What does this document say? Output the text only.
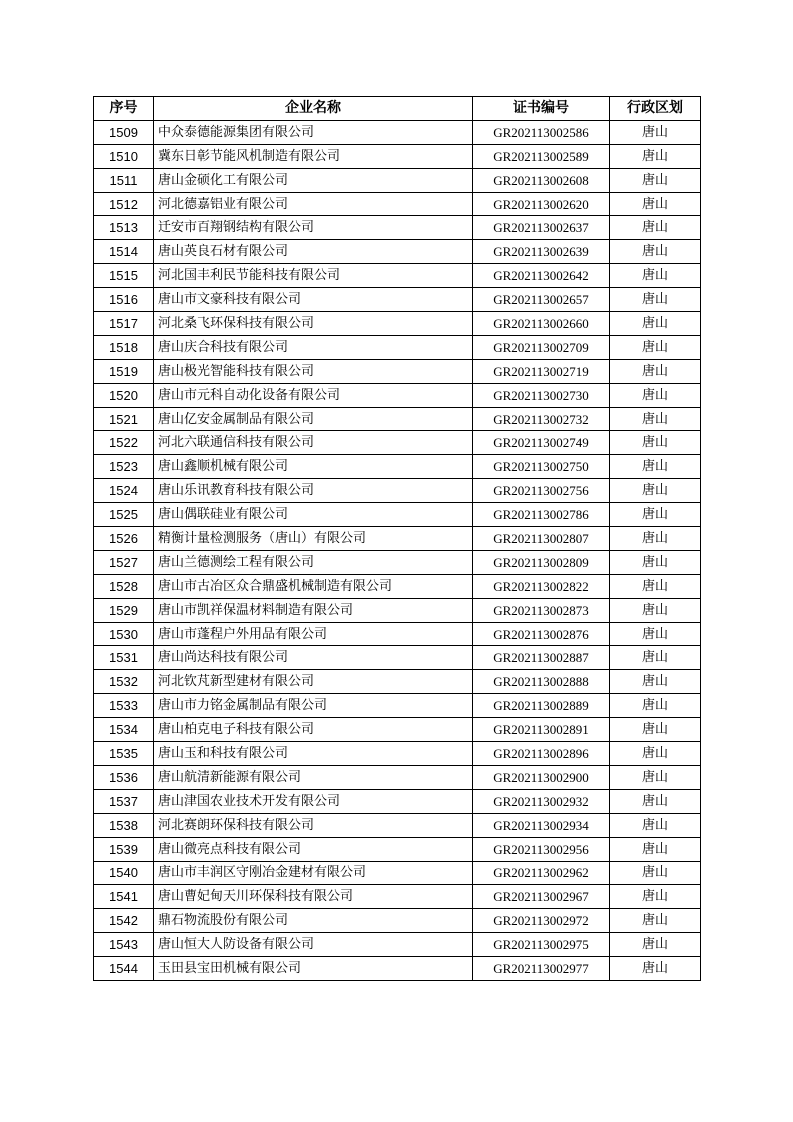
序号	企业名称	证书编号	行政区划
1509	中众泰德能源集团有限公司	GR202113002586	唐山
1510	冀东日彰节能风机制造有限公司	GR202113002589	唐山
1511	唐山金硕化工有限公司	GR202113002608	唐山
1512	河北德嘉铝业有限公司	GR202113002620	唐山
1513	迁安市百翔钢结构有限公司	GR202113002637	唐山
1514	唐山英良石材有限公司	GR202113002639	唐山
1515	河北国丰利民节能科技有限公司	GR202113002642	唐山
1516	唐山市文豪科技有限公司	GR202113002657	唐山
1517	河北桑飞环保科技有限公司	GR202113002660	唐山
1518	唐山庆合科技有限公司	GR202113002709	唐山
1519	唐山极光智能科技有限公司	GR202113002719	唐山
1520	唐山市元科自动化设备有限公司	GR202113002730	唐山
1521	唐山亿安金属制品有限公司	GR202113002732	唐山
1522	河北六联通信科技有限公司	GR202113002749	唐山
1523	唐山鑫顺机械有限公司	GR202113002750	唐山
1524	唐山乐讯教育科技有限公司	GR202113002756	唐山
1525	唐山偶联硅业有限公司	GR202113002786	唐山
1526	精衡计量检测服务（唐山）有限公司	GR202113002807	唐山
1527	唐山兰德测绘工程有限公司	GR202113002809	唐山
1528	唐山市古冶区众合鼎盛机械制造有限公司	GR202113002822	唐山
1529	唐山市凯祥保温材料制造有限公司	GR202113002873	唐山
1530	唐山市蓬程户外用品有限公司	GR202113002876	唐山
1531	唐山尚达科技有限公司	GR202113002887	唐山
1532	河北钦芃新型建材有限公司	GR202113002888	唐山
1533	唐山市力铭金属制品有限公司	GR202113002889	唐山
1534	唐山柏克电子科技有限公司	GR202113002891	唐山
1535	唐山玉和科技有限公司	GR202113002896	唐山
1536	唐山航清新能源有限公司	GR202113002900	唐山
1537	唐山津国农业技术开发有限公司	GR202113002932	唐山
1538	河北赛朗环保科技有限公司	GR202113002934	唐山
1539	唐山微亮点科技有限公司	GR202113002956	唐山
1540	唐山市丰润区守刚冶金建材有限公司	GR202113002962	唐山
1541	唐山曹妃甸天川环保科技有限公司	GR202113002967	唐山
1542	鼎石物流股份有限公司	GR202113002972	唐山
1543	唐山恒大人防设备有限公司	GR202113002975	唐山
1544	玉田县宝田机械有限公司	GR202113002977	唐山
